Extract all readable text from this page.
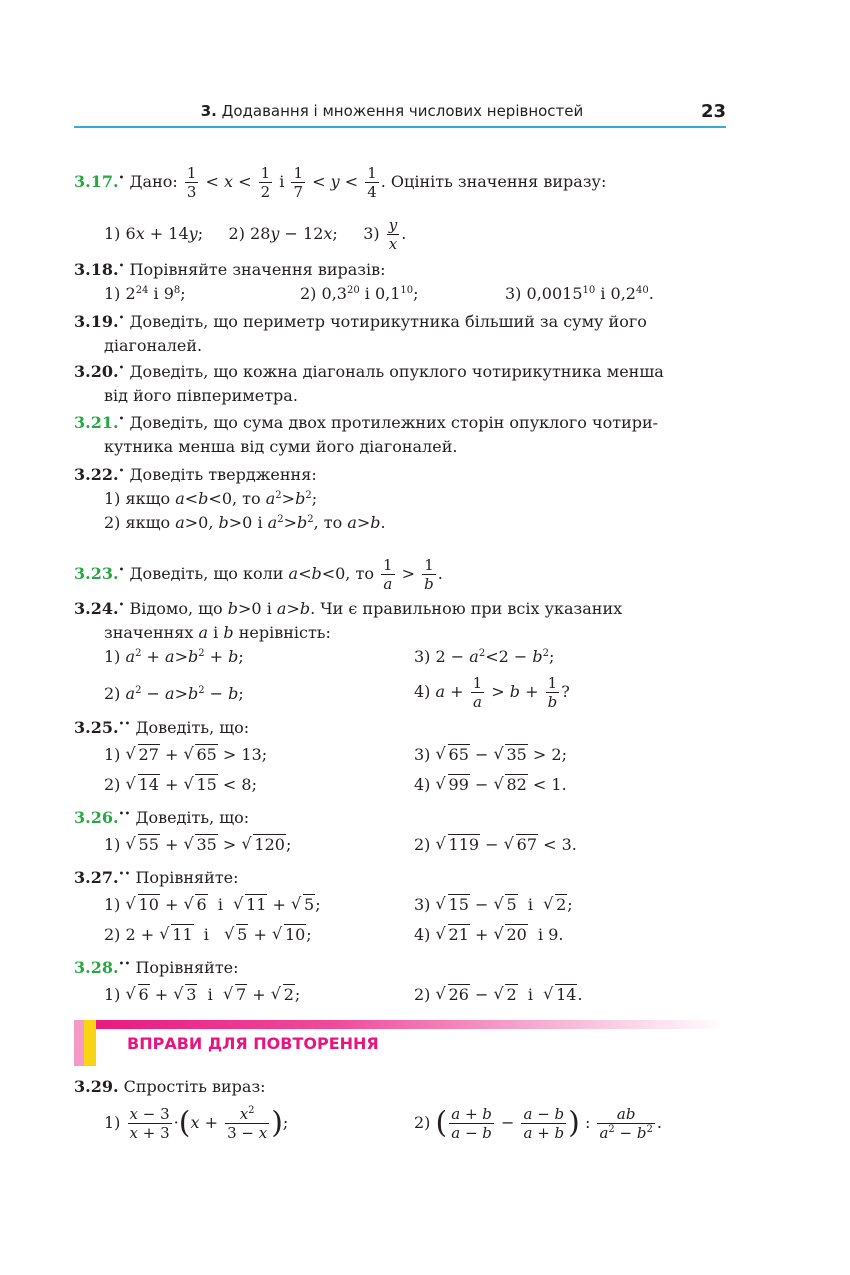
3. Додавання і множення числових нерівностей	23
3.17.• Дано: $\frac{1}{3} < x < \frac{1}{2}$ і $\frac{1}{7} < y < \frac{1}{4}$ . Оцініть значення виразу:
1) 6x + 14y;     2) 28y − 12x;     $3) \frac{y}{x}$ .
3.18.• Порівняйте значення виразів:
1) $2^{24}$ і $9^8$;	2) $0,3^{20}$ і $0,1^{10}$;	3) 0,0015$^{10}$ і $0,2^{40}$.
3.19.• Доведіть, що периметр чотирикутника більший за суму його
діагоналей.
3.20.• Доведіть, що кожна діагональ опуклого чотирикутника менша
від його півпериметра.
3.21.• Доведіть, що сума двох протилежних сторін опуклого чотири-
кутника менша від суми його діагоналей.
3.22.• Доведіть твердження:
1) якщо a<b<0, то $a^2>b^2$;
2) якщо a>0, b>0 і $a^2>b^2$, то a>b.
3.23.• Доведіть, що коли a<b<0, то $\frac{1}{a} > \frac{1}{b}$ .
3.24.• Відомо, що b>0 і a>b. Чи є правильною при всіх указаних
значеннях a і b нерівність:
1) $a^2 + a>b^2 + b$;	3) $2 - a^2<2 - b^2$;
2) $a^2 - a>b^2 - b$;	4) $a + \frac{1}{a} > b + \frac{1}{b}$ ?
3.25.•• Доведіть, що:
1) √ 27 + √ 65 > 13;	3) √ 65 − √ 35 > 2;
2) √ 14 + √ 15 < 8;	4) √ 99 − √ 82 < 1.
3.26.•• Доведіть, що:
1) √ 55 + √ 35 > √ 120;	2) √ 119 − √ 67 < 3.
3.27.•• Порівняйте:
1) √ 10 + √ 6  і  √ 11 + √ 5;	3) √ 15 − √ 5  і  √ 2;
2) 2 + √ 11  і   √ 5 + √ 10;	4) √ 21 + √ 20  і 9.
3.28.•• Порівняйте:
1) √ 6 + √ 3  і  √ 7 + √ 2;	2) √ 26 − √ 2  і  √ 14.
ВПРАВИ ДЛЯ ПОВТОРЕННЯ
3.29. Спростіть вираз:
$1) \frac{x - 3}{x + 3} \cdot(x + \frac{x^2}{3 - x}$ );	2) ( $\frac{a + b}{a - b} - \frac{a - b}{a + b}$ ) : $\frac{ab}{a^2 - b^2}$ .
